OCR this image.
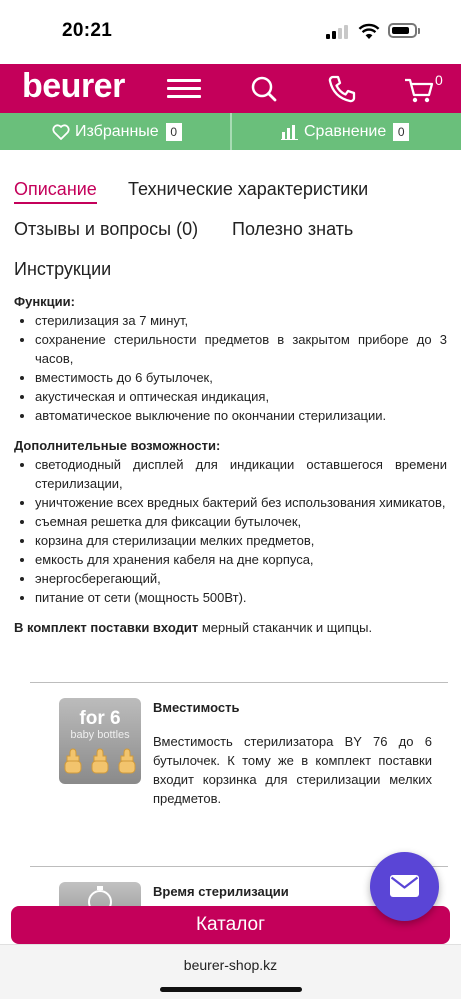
20:21
beurer	0
Избранные 0	Сравнение 0
Описание Технические характеристики
Отзывы и вопросы (0) Полезно знать
Инструкции
Функции:
стерилизация за 7 минут,
сохранение стерильности предметов в закрытом приборе до 3 часов,
вместимость до 6 бутылочек,
акустическая и оптическая индикация,
автоматическое выключение по окончании стерилизации.
Дополнительные возможности:
светодиодный дисплей для индикации оставшегося времени стерилизации,
уничтожение всех вредных бактерий без использования химикатов,
съемная решетка для фиксации бутылочек,
корзина для стерилизации мелких предметов,
емкость для хранения кабеля на дне корпуса,
энергосберегающий,
питание от сети (мощность 500Вт).

В комплект поставки входит мерный стаканчик и щипцы.

for 6
baby bottles
Вместимость
Вместимость стерилизатора BY 76 до 6 бутылочек. К тому же в комплект поставки входит корзинка для стерилизации мелких предметов.
Время стерилизации
Каталог
beurer-shop.kz
